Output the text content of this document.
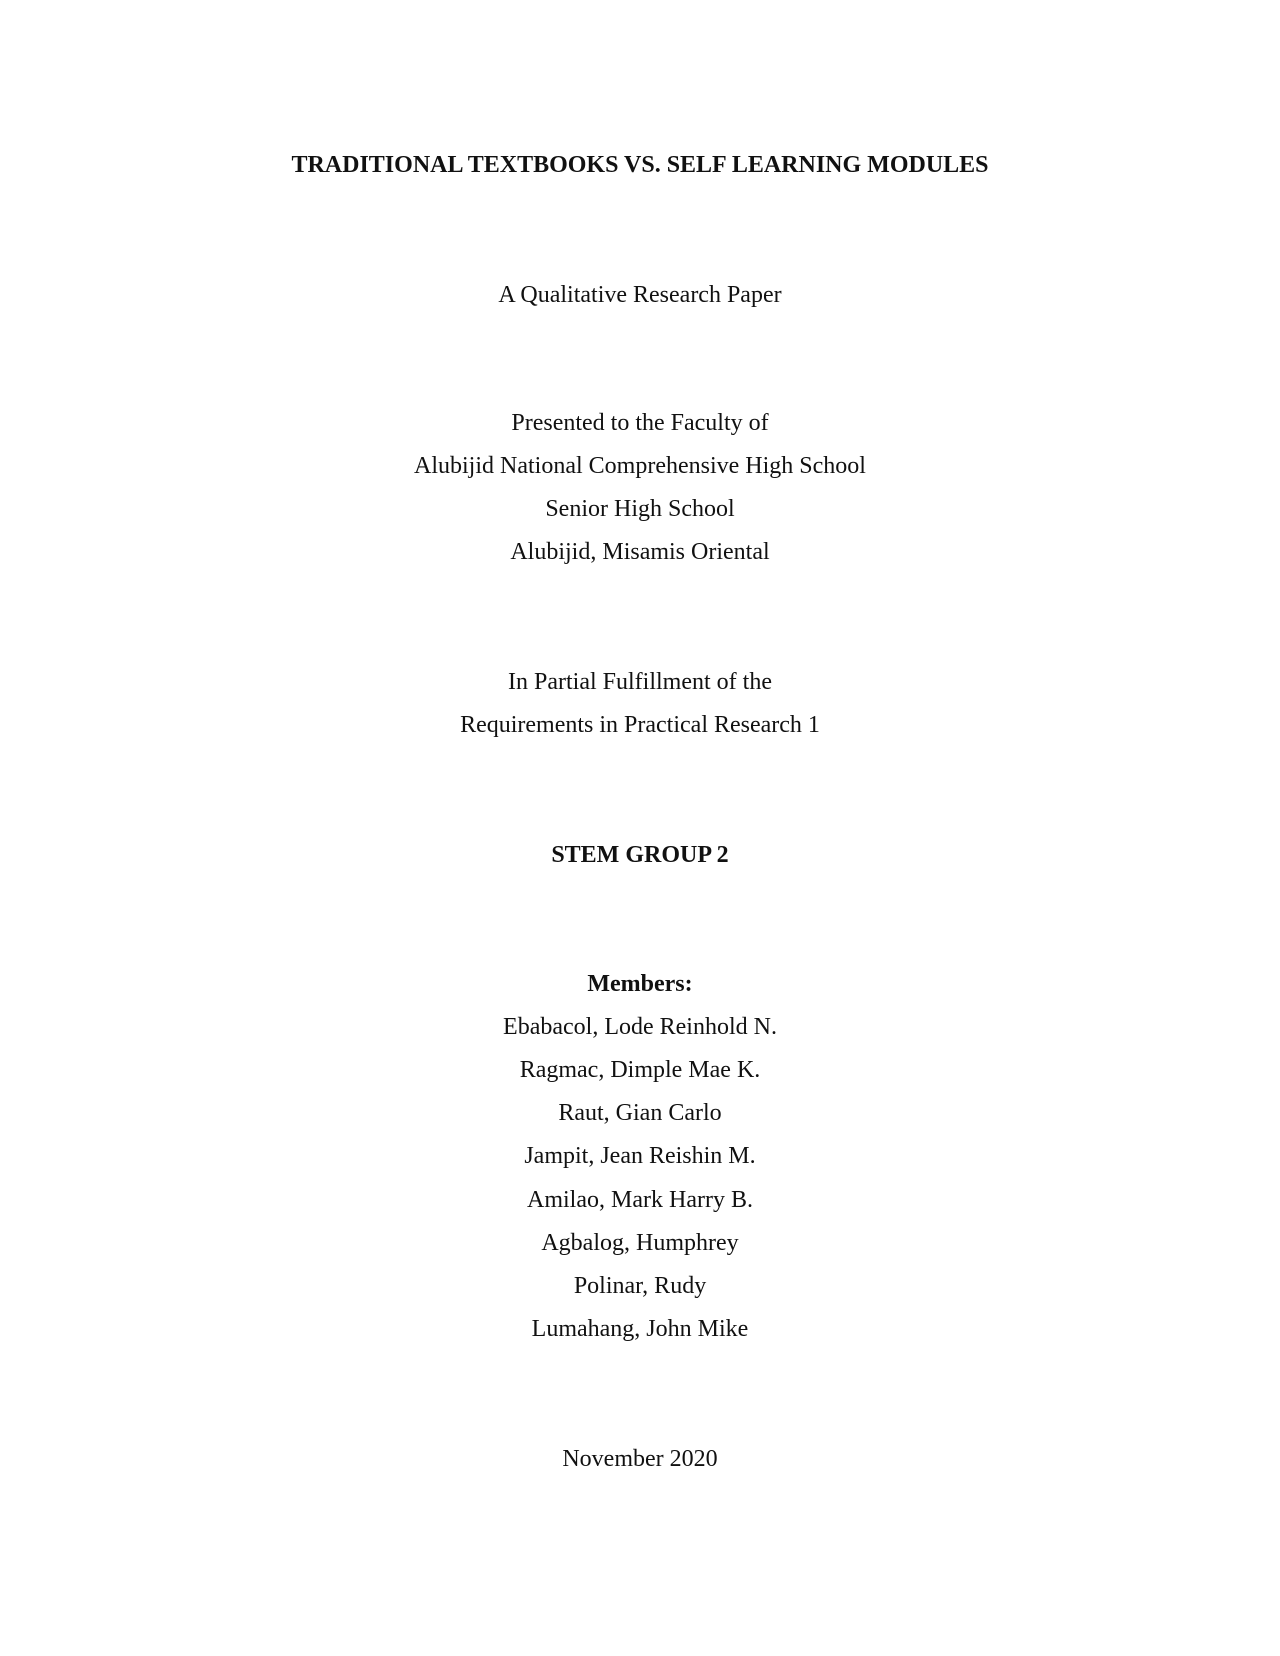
TRADITIONAL TEXTBOOKS VS. SELF LEARNING MODULES
A Qualitative Research Paper
Presented to the Faculty of
Alubijid National Comprehensive High School
Senior High School
Alubijid, Misamis Oriental
In Partial Fulfillment of the
Requirements in Practical Research 1
STEM GROUP 2
Members:
Ebabacol, Lode Reinhold N.
Ragmac, Dimple Mae K.
Raut, Gian Carlo
Jampit, Jean Reishin M.
Amilao, Mark Harry B.
Agbalog, Humphrey
Polinar, Rudy
Lumahang, John Mike
November 2020
